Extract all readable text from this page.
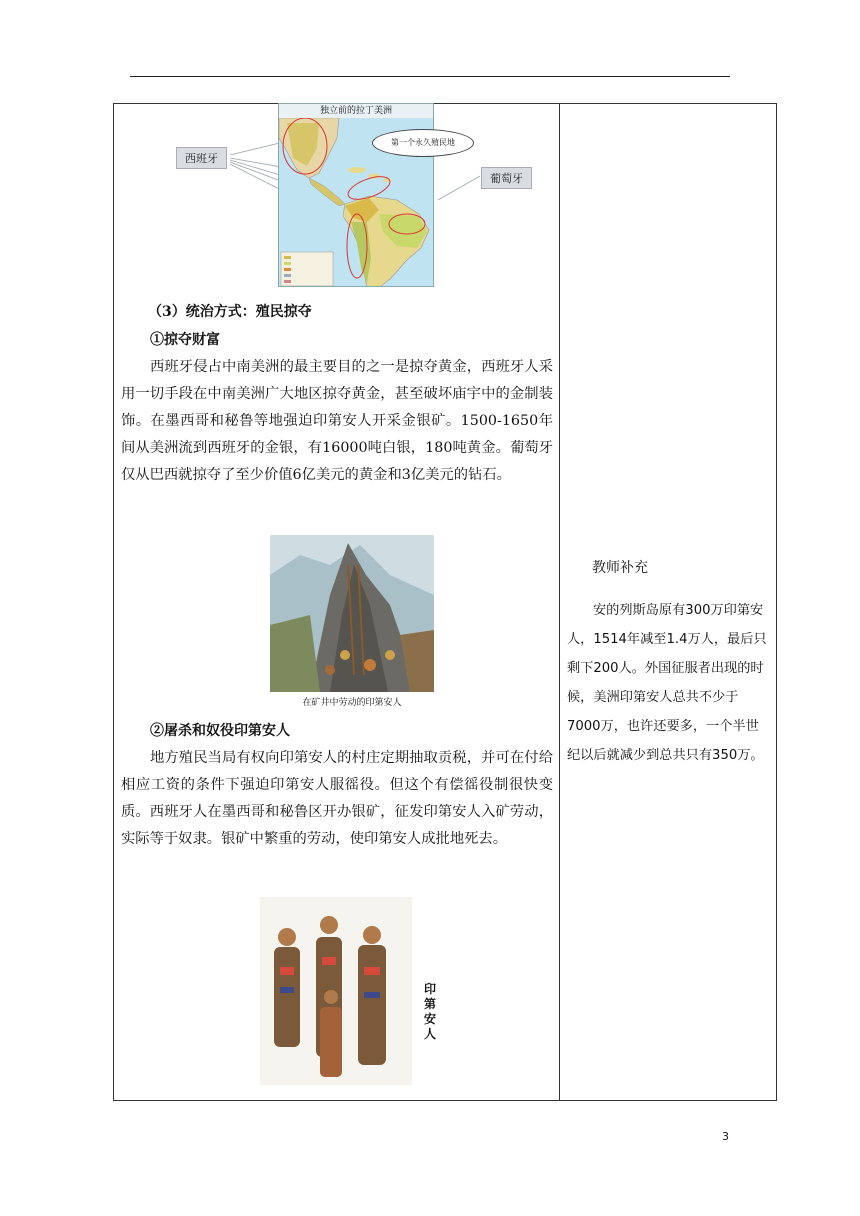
独立前的拉丁美洲
西班牙
葡萄牙
第一个永久殖民地
（3）统治方式：殖民掠夺
①掠夺财富
西班牙侵占中南美洲的最主要目的之一是掠夺黄金，西班牙人采用一切手段在中南美洲广大地区掠夺黄金，甚至破坏庙宇中的金制装饰。在墨西哥和秘鲁等地强迫印第安人开采金银矿。1500-1650年间从美洲流到西班牙的金银，有16000吨白银，180吨黄金。葡萄牙仅从巴西就掠夺了至少价值6亿美元的黄金和3亿美元的钻石。
在矿井中劳动的印第安人
②屠杀和奴役印第安人
地方殖民当局有权向印第安人的村庄定期抽取贡税，并可在付给相应工资的条件下强迫印第安人服徭役。但这个有偿徭役制很快变质。西班牙人在墨西哥和秘鲁区开办银矿，征发印第安人入矿劳动，实际等于奴隶。银矿中繁重的劳动，使印第安人成批地死去。
印第安人
教师补充
安的列斯岛原有300万印第安人，1514年减至1.4万人，最后只剩下200人。外国征服者出现的时候，美洲印第安人总共不少于7000万，也许还要多，一个半世纪以后就减少到总共只有350万。
3
